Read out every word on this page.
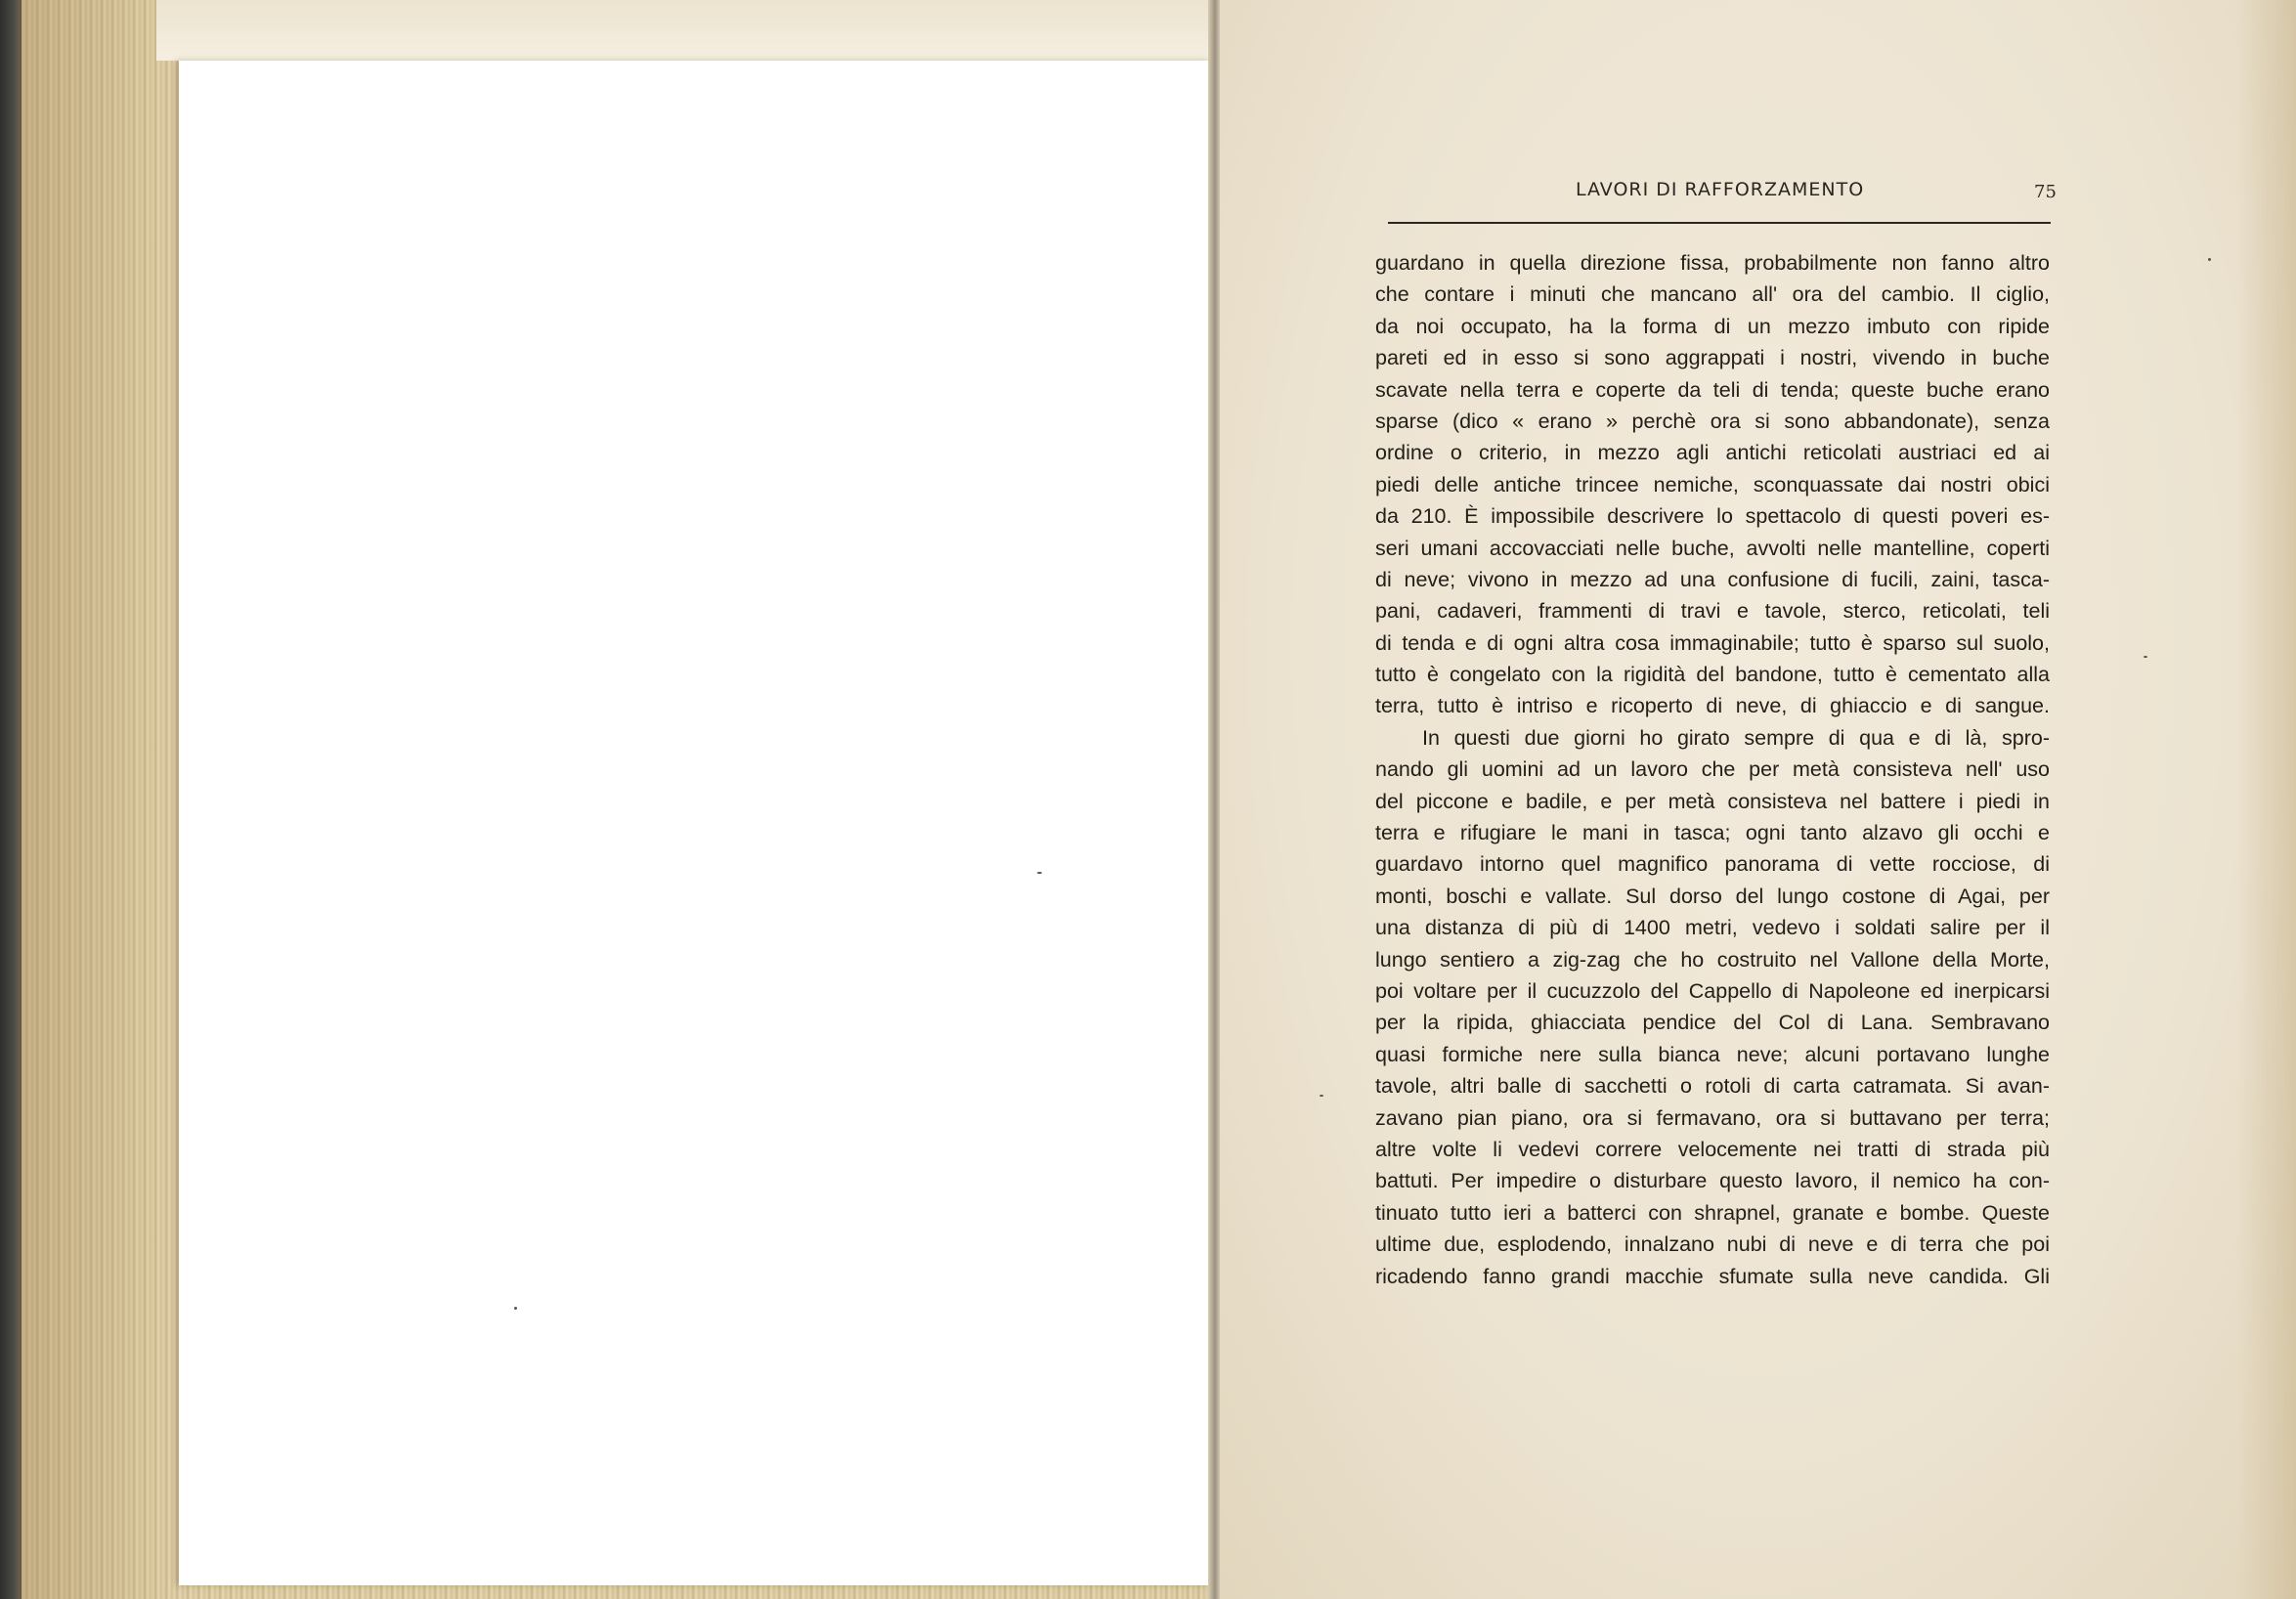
LAVORI DI RAFFORZAMENTO	75
guardano in quella direzione fissa, probabilmente non fanno altro
che contare i minuti che mancano all' ora del cambio. Il ciglio,
da noi occupato, ha la forma di un mezzo imbuto con ripide
pareti ed in esso si sono aggrappati i nostri, vivendo in buche
scavate nella terra e coperte da teli di tenda; queste buche erano
sparse (dico « erano » perchè ora si sono abbandonate), senza
ordine o criterio, in mezzo agli antichi reticolati austriaci ed ai
piedi delle antiche trincee nemiche, sconquassate dai nostri obici
da 210. È impossibile descrivere lo spettacolo di questi poveri es-
seri umani accovacciati nelle buche, avvolti nelle mantelline, coperti
di neve; vivono in mezzo ad una confusione di fucili, zaini, tasca-
pani, cadaveri, frammenti di travi e tavole, sterco, reticolati, teli
di tenda e di ogni altra cosa immaginabile; tutto è sparso sul suolo,
tutto è congelato con la rigidità del bandone, tutto è cementato alla
terra, tutto è intriso e ricoperto di neve, di ghiaccio e di sangue.
In questi due giorni ho girato sempre di qua e di là, spro-
nando gli uomini ad un lavoro che per metà consisteva nell' uso
del piccone e badile, e per metà consisteva nel battere i piedi in
terra e rifugiare le mani in tasca; ogni tanto alzavo gli occhi e
guardavo intorno quel magnifico panorama di vette rocciose, di
monti, boschi e vallate. Sul dorso del lungo costone di Agai, per
una distanza di più di 1400 metri, vedevo i soldati salire per il
lungo sentiero a zig-zag che ho costruito nel Vallone della Morte,
poi voltare per il cucuzzolo del Cappello di Napoleone ed inerpicarsi
per la ripida, ghiacciata pendice del Col di Lana. Sembravano
quasi formiche nere sulla bianca neve; alcuni portavano lunghe
tavole, altri balle di sacchetti o rotoli di carta catramata. Si avan-
zavano pian piano, ora si fermavano, ora si buttavano per terra;
altre volte li vedevi correre velocemente nei tratti di strada più
battuti. Per impedire o disturbare questo lavoro, il nemico ha con-
tinuato tutto ieri a batterci con shrapnel, granate e bombe. Queste
ultime due, esplodendo, innalzano nubi di neve e di terra che poi
ricadendo fanno grandi macchie sfumate sulla neve candida. Gli
